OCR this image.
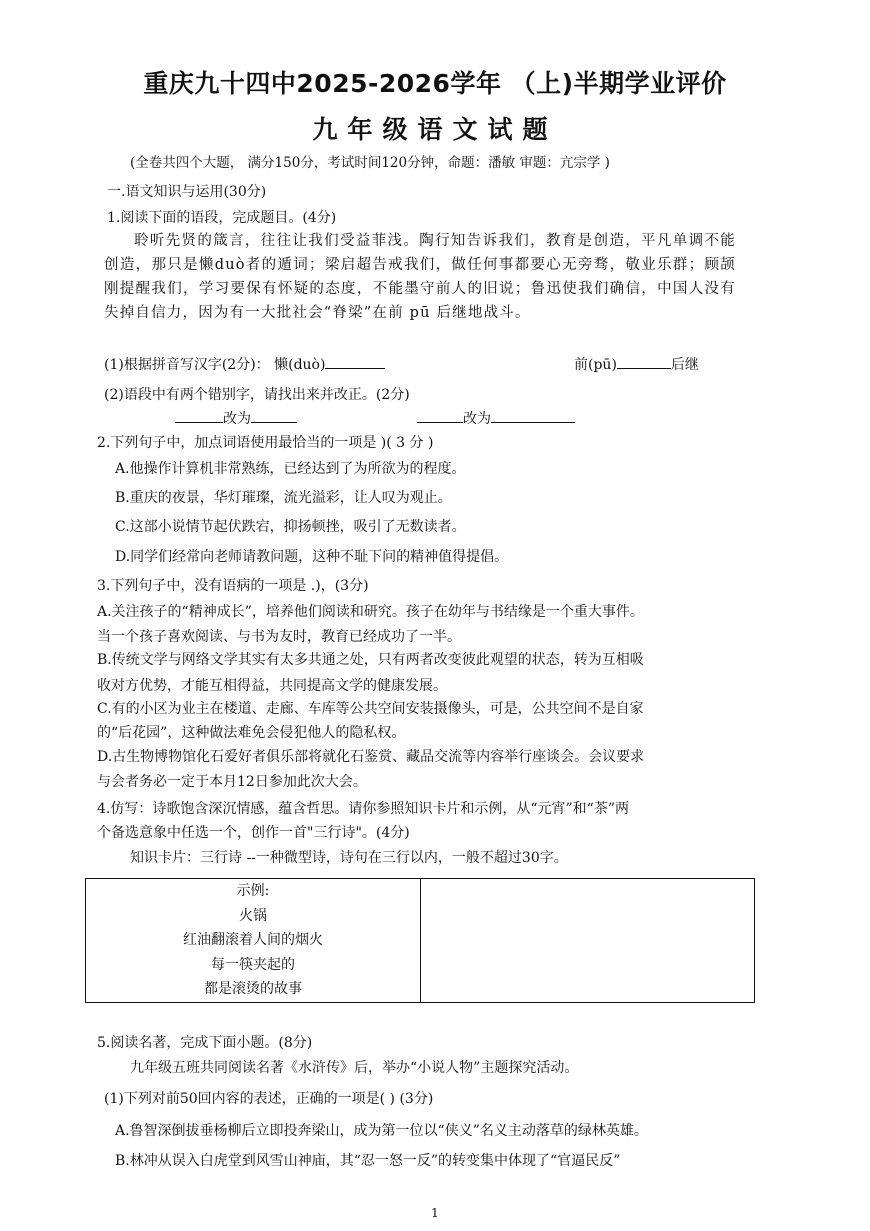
重庆九十四中2025-2026学年 （上)半期学业评价
九年级语文试题
(全卷共四个大题， 满分150分，考试时间120分钟，命题：潘敏 审题：亢宗学 )
一.语文知识与运用(30分)
1.阅读下面的语段，完成题目。(4分)
聆听先贤的箴言，往往让我们受益菲浅。陶行知告诉我们，教育是创造，平凡单调不能创造，那只是懒duò者的遁词；梁启超告戒我们，做任何事都要心无旁骛，敬业乐群；顾颉刚提醒我们，学习要保有怀疑的态度，不能墨守前人的旧说；鲁迅使我们确信，中国人没有失掉自信力，因为有一大批社会“脊梁”在前 pū 后继地战斗。
(1)根据拼音写汉字(2分)： 懒(duò)	前(pū)	后继
(2)语段中有两个错别字，请找出来并改正。(2分)
改为	改为
2.下列句子中，加点词语使用最恰当的一项是 )( 3 分 )
A.他操作计算机非常熟练，已经达到了为所欲为的程度。
B.重庆的夜景，华灯璀璨，流光溢彩，让人叹为观止。
C.这部小说情节起伏跌宕，抑扬顿挫，吸引了无数读者。
D.同学们经常向老师请教问题，这种不耻下问的精神值得提倡。
3.下列句子中，没有语病的一项是 .)，(3分)
A.关注孩子的“精神成长”，培养他们阅读和研究。孩子在幼年与书结缘是一个重大事件。
当一个孩子喜欢阅读、与书为友时，教育已经成功了一半。
B.传统文学与网络文学其实有太多共通之处，只有两者改变彼此观望的状态，转为互相吸
收对方优势，才能互相得益，共同提高文学的健康发展。
C.有的小区为业主在楼道、走廊、车库等公共空间安装摄像头，可是，公共空间不是自家
的“后花园”，这种做法难免会侵犯他人的隐私权。
D.古生物博物馆化石爱好者俱乐部将就化石鉴赏、藏品交流等内容举行座谈会。会议要求
与会者务必一定于本月12日参加此次大会。
4.仿写：诗歌饱含深沉情感，蕴含哲思。请你参照知识卡片和示例，从“元宵”和“茶”两
个备选意象中任选一个，创作一首"三行诗"。(4分)
知识卡片：三行诗 --一种微型诗，诗句在三行以内，一般不超过30字。
示例:
火锅
红油翻滚着人间的烟火
每一筷夹起的
都是滚烫的故事

5.阅读名著，完成下面小题。(8分)
九年级五班共同阅读名著《水浒传》后，举办“小说人物”主题探究活动。
(1)下列对前50回内容的表述，正确的一项是( ) (3分)
A.鲁智深倒拔垂杨柳后立即投奔梁山，成为第一位以“侠义”名义主动落草的绿林英雄。
B.林冲从误入白虎堂到风雪山神庙，其“忍一怒一反”的转变集中体现了“官逼民反”
1
